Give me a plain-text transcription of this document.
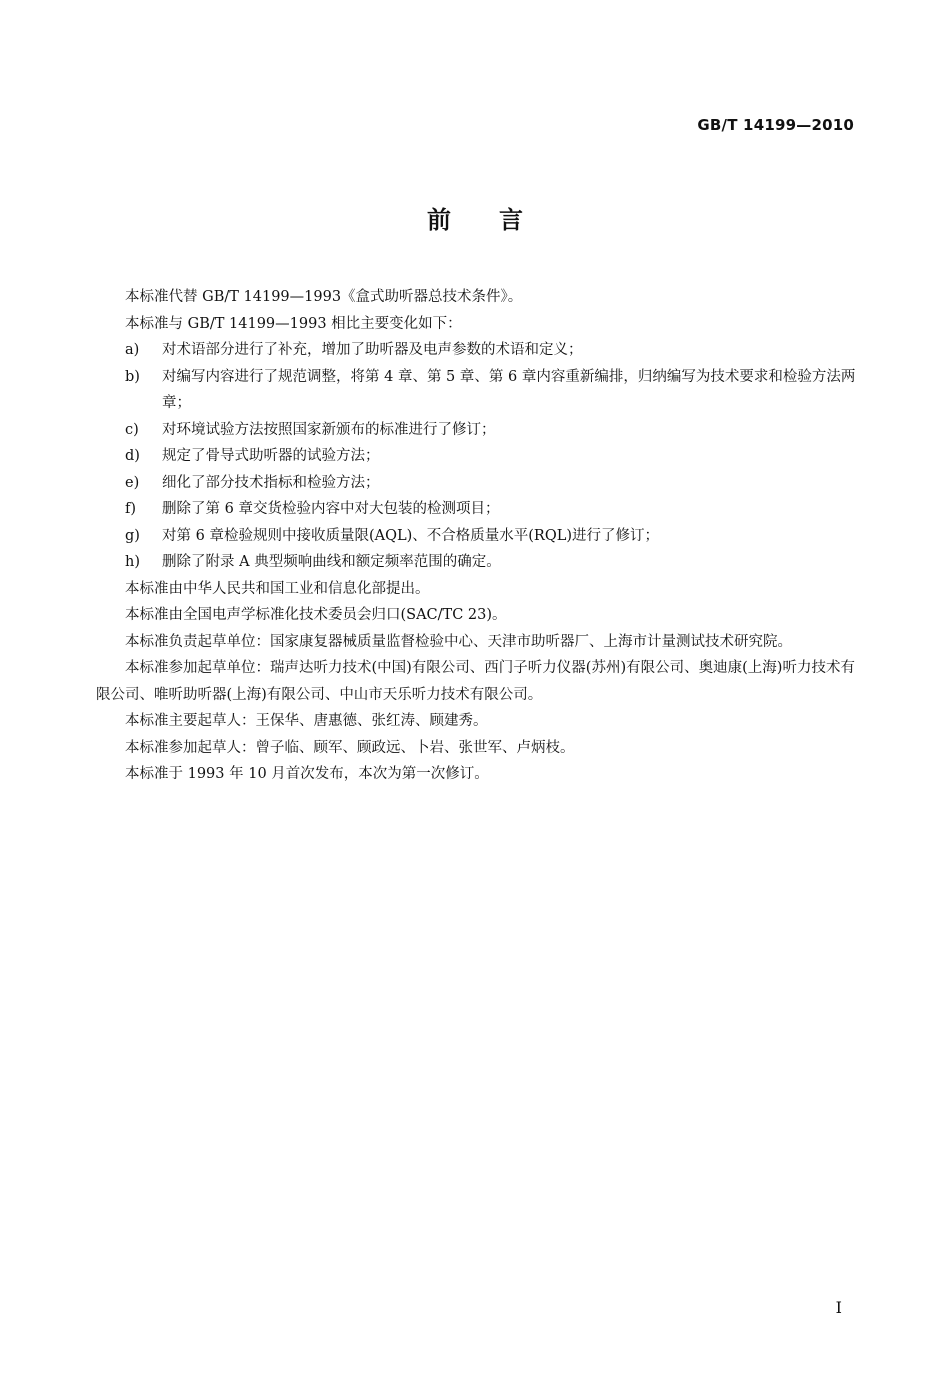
GB/T 14199—2010
前言

本标准代替 GB/T 14199—1993《盒式助听器总技术条件》。

本标准与 GB/T 14199—1993 相比主要变化如下：

a) 对术语部分进行了补充，增加了助听器及电声参数的术语和定义；

b) 对编写内容进行了规范调整，将第 4 章、第 5 章、第 6 章内容重新编排，归纳编写为技术要求和检验方法两章；

c) 对环境试验方法按照国家新颁布的标准进行了修订；

d) 规定了骨导式助听器的试验方法；

e) 细化了部分技术指标和检验方法；

f) 删除了第 6 章交货检验内容中对大包装的检测项目；

g) 对第 6 章检验规则中接收质量限(AQL)、不合格质量水平(RQL)进行了修订；

h) 删除了附录 A 典型频响曲线和额定频率范围的确定。

本标准由中华人民共和国工业和信息化部提出。

本标准由全国电声学标准化技术委员会归口(SAC/TC 23)。

本标准负责起草单位：国家康复器械质量监督检验中心、天津市助听器厂、上海市计量测试技术研究院。

本标准参加起草单位：瑞声达听力技术(中国)有限公司、西门子听力仪器(苏州)有限公司、奥迪康(上海)听力技术有限公司、唯听助听器(上海)有限公司、中山市天乐听力技术有限公司。

本标准主要起草人：王保华、唐惠德、张红涛、顾建秀。

本标准参加起草人：曾子临、顾军、顾政远、卜岩、张世军、卢炳枝。

本标准于 1993 年 10 月首次发布，本次为第一次修订。

I
